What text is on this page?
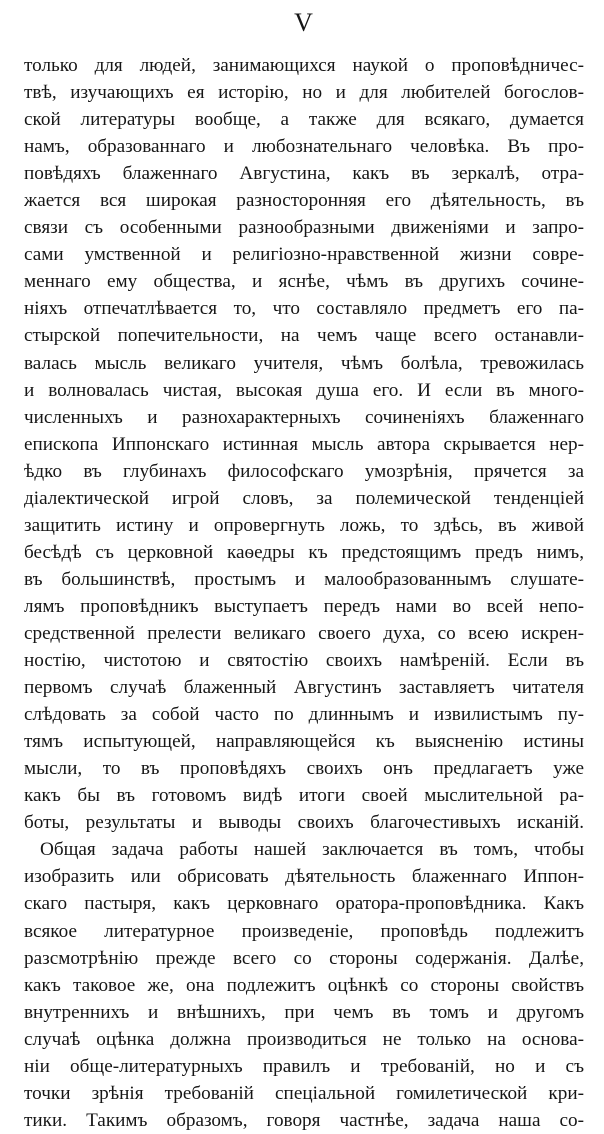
V
только для людей, занимающихся наукой о проповѣдничес-
твѣ, изучающихъ ея исторію, но и для любителей богослов-
ской литературы вообще, а также для всякаго, думается
намъ, образованнаго и любознательнаго человѣка. Въ про-
повѣдяхъ блаженнаго Августина, какъ въ зеркалѣ, отра-
жается вся широкая разносторонняя его дѣятельность, въ
связи съ особенными разнообразными движеніями и запро-
сами умственной и религіозно-нравственной жизни совре-
меннаго ему общества, и яснѣе, чѣмъ въ другихъ сочине-
ніяхъ отпечатлѣвается то, что составляло предметъ его па-
стырской попечительности, на чемъ чаще всего останавли-
валась мысль великаго учителя, чѣмъ болѣла, тревожилась
и волновалась чистая, высокая душа его. И если въ много-
численныхъ и разнохарактерныхъ сочиненіяхъ блаженнаго
епископа Иппонскаго истинная мысль автора скрывается нер-
ѣдко въ глубинахъ философскаго умозрѣнія, прячется за
діалектической игрой словъ, за полемической тенденціей
защитить истину и опровергнуть ложь, то здѣсь, въ живой
бесѣдѣ съ церковной каѳедры къ предстоящимъ предъ нимъ,
въ большинствѣ, простымъ и малообразованнымъ слушате-
лямъ проповѣдникъ выступаетъ передъ нами во всей непо-
средственной прелести великаго своего духа, со всею искрен-
ностію, чистотою и святостію своихъ намѣреній. Если въ
первомъ случаѣ блаженный Августинъ заставляетъ читателя
слѣдовать за собой часто по длиннымъ и извилистымъ пу-
тямъ испытующей, направляющейся къ выясненію истины
мысли, то въ проповѣдяхъ своихъ онъ предлагаетъ уже
какъ бы въ готовомъ видѣ итоги своей мыслительной ра-
боты, результаты и выводы своихъ благочестивыхъ исканій.
Общая задача работы нашей заключается въ томъ, чтобы
изобразить или обрисовать дѣятельность блаженнаго Иппон-
скаго пастыря, какъ церковнаго оратора-проповѣдника. Какъ
всякое литературное произведеніе, проповѣдь подлежитъ
разсмотрѣнію прежде всего со стороны содержанія. Далѣе,
какъ таковое же, она подлежитъ оцѣнкѣ со стороны свойствъ
внутреннихъ и внѣшнихъ, при чемъ въ томъ и другомъ
случаѣ оцѣнка должна производиться не только на основа-
ніи обще-литературныхъ правилъ и требованій, но и съ
точки зрѣнія требованій спеціальной гомилетической кри-
тики. Такимъ образомъ, говоря частнѣе, задача наша со-
